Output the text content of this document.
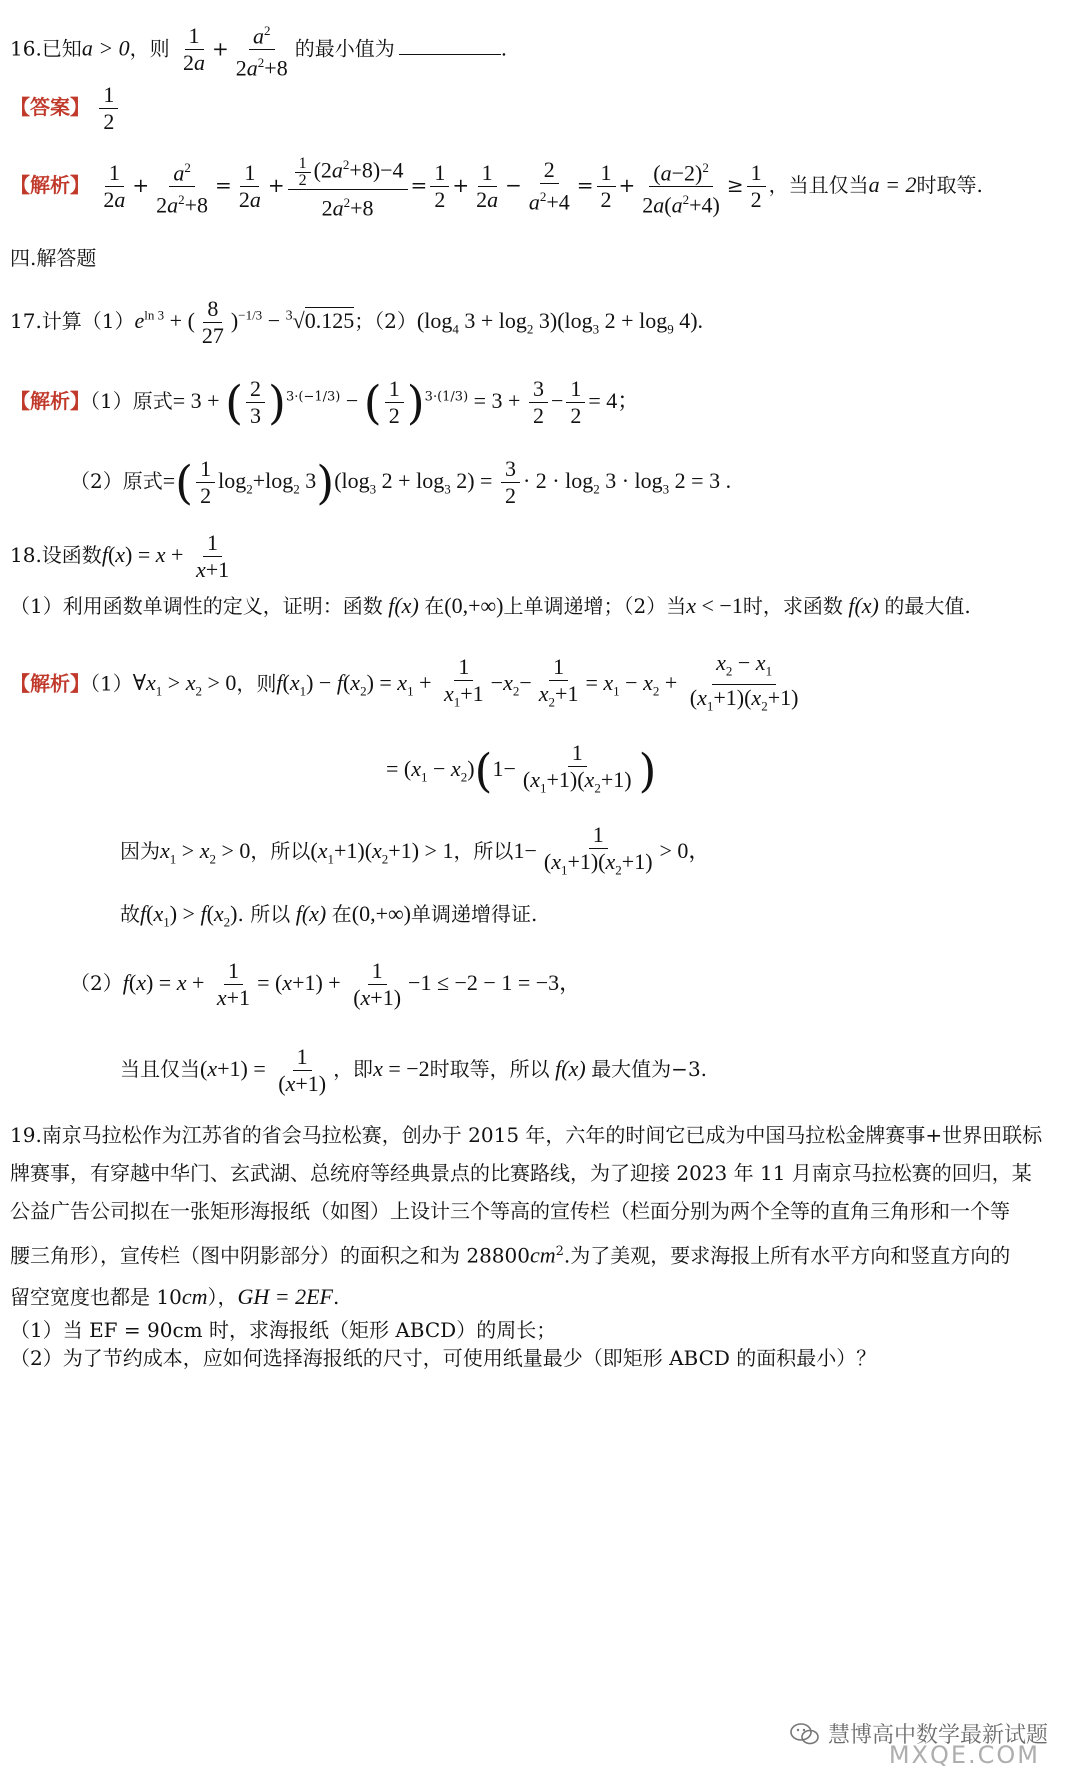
16.已知a > 0，则 $\frac{1}{2a} + \frac{a^2}{2a^2+8}$ 的最小值为	.
【答案】 $\frac{1}{2}$
【解析】 $\frac{1}{2a} + \frac{a^2}{2a^2+8} = \frac{1}{2a} + \frac{\frac{1}{2} (2a^2+8)-4}{2a^2+8} = \frac{1}{2} + \frac{1}{2a} - \frac{2}{a^2+4} = \frac{1}{2} + \frac{(a-2)^2}{2a(a^2+4)} \ge \frac{1}{2}$ ，当且仅当a = 2时取等.
四.解答题
17.计算$(1)e^{ln 3}$ + ( $\frac{8}{27} )^{-1/3} - ^3√0.125$；$(2)(\log_4$ $3 + \log_2 3)(\log_3$ $2 + \log_9 4$).
【解析】（1）原式= 3 + ( $\frac{2}{3} )^{3\cdot(-1/3)}$ − ( $\frac{1}{2} )^{3\cdot(1/3)} = 3 + \frac{3}{2} - \frac{1}{2} = 4$；
（2）原式=( $\frac{1}{2} \log_2+\log_2$ $3)(\log_3$ $2 + \log_3 2) = \frac{3}{2} \cdot 2 \cdot \log_2 3 \cdot \log_3 2 = 3$ .
18.设函数$f(x) = x + \frac{1}{x+1}$
（1）利用函数单调性的定义，证明：函数 f(x) 在(0,+∞)上单调递增；（2）当x < −1时，求函数 f(x) 的最大值.
【解析】$(1)\forall x_1 > x_2 > 0$，则$f(x_1) - f(x_2) = x_1 + \frac{1}{x_1+1} -x_2- \frac{1}{x_2+1} = x_1 - x_2 + \frac{x_2 - x_1}{(x_1+1)(x_2+1)}$
= $(x_1 - x_2)(1- \frac{1}{(x_1+1)(x_2+1)}$ )
因为$x_1 > x_2 > 0$，所以$(x_1+1)(x_2+1) > 1$，所以$1- \frac{1}{(x_1+1)(x_2+1)} > 0$，
故$f(x_1) > f(x_2)$. 所以 f(x) 在(0,+∞)单调递增得证.
$(2)f(x) = x + \frac{1}{x+1} = (x+1) + \frac{1}{(x+1)} -1 \le -2 - 1 = -3$，
当且仅当$(x+1) = \frac{1}{(x+1)}$ ，即x = −2时取等，所以 f(x) 最大值为−3.
19.南京马拉松作为江苏省的省会马拉松赛，创办于 2015 年，六年的时间它已成为中国马拉松金牌赛事+世界田联标
牌赛事，有穿越中华门、玄武湖、总统府等经典景点的比赛路线，为了迎接 2023 年 11 月南京马拉松赛的回归，某
公益广告公司拟在一张矩形海报纸（如图）上设计三个等高的宣传栏（栏面分别为两个全等的直角三角形和一个等
腰三角形），宣传栏（图中阴影部分）的面积之和为 $28800cm^2$.为了美观，要求海报上所有水平方向和竖直方向的
留空宽度也都是 10cm），GH = 2EF.
（1）当 EF = 90cm 时，求海报纸（矩形 ABCD）的周长；
（2）为了节约成本，应如何选择海报纸的尺寸，可使用纸量最少（即矩形 ABCD 的面积最小）？
慧博高中数学最新试题
MXQE.COM
